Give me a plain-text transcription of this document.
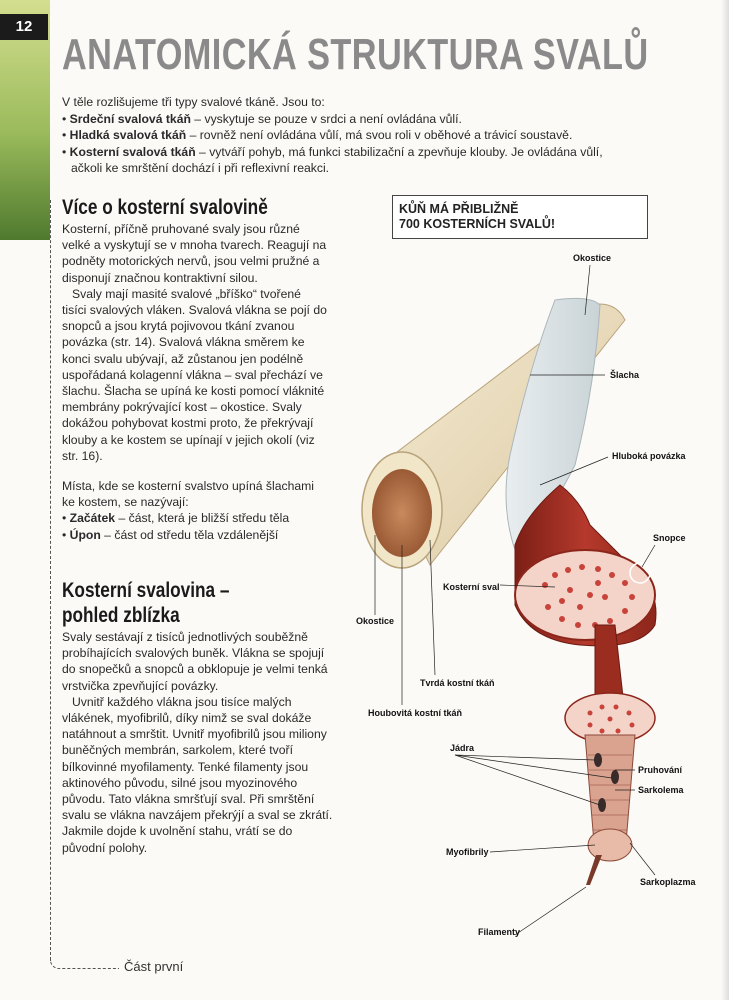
12
ANATOMICKÁ STRUKTURA SVALŮ

V těle rozlišujeme tři typy svalové tkáně. Jsou to:

• Srdeční svalová tkáň – vyskytuje se pouze v srdci a není ovládána vůlí.

• Hladká svalová tkáň – rovněž není ovládána vůlí, má svou roli v oběhové a trávicí soustavě.

• Kosterní svalová tkáň – vytváří pohyb, má funkci stabilizační a zpevňuje klouby. Je ovládána vůlí, ačkoli ke smrštění dochází i při reflexivní reakci.

Více o kosterní svalovině

Kosterní, příčně pruhované svaly jsou různé velké a vyskytují se v mnoha tvarech. Reagují na podněty motorických nervů, jsou velmi pružné a disponují značnou kontraktivní silou.

Svaly mají masité svalové „bříško“ tvořené tisíci svalových vláken. Svalová vlákna se pojí do snopců a jsou krytá pojivovou tkání zvanou povázka (str. 14). Svalová vlákna směrem ke konci svalu ubývají, až zůstanou jen podélně uspořádaná kolagenní vlákna – sval přechází ve šlachu. Šlacha se upíná ke kosti pomocí vláknité membrány pokrývající kost – okostice. Svaly dokážou pohybovat kostmi proto, že překrývají klouby a ke kostem se upínají v jejich okolí (viz str. 16).

Místa, kde se kosterní svalstvo upíná šlachami ke kostem, se nazývají:

• Začátek – část, která je bližší středu těla

• Úpon – část od středu těla vzdálenější

Kosterní svalovina –
pohled zblízka

Svaly sestávají z tisíců jednotlivých souběžně probíhajících svalových buněk. Vlákna se spojují do snopečků a snopců a obklopuje je velmi tenká vrstvička zpevňující povázky.

Uvnitř každého vlákna jsou tisíce malých vlákének, myofibrilů, díky nimž se sval dokáže natáhnout a smrštit. Uvnitř myofibrilů jsou miliony buněčných membrán, sarkolem, které tvoří bílkovinné myofilamenty. Tenké filamenty jsou aktinového původu, silné jsou myozinového původu. Tato vlákna smršťují sval. Při smrštění svalu se vlákna navzájem překrýjí a sval se zkrátí. Jakmile dojde k uvolnění stahu, vrátí se do původní polohy.

KŮŇ MÁ PŘIBLIŽNĚ
700 KOSTERNÍCH SVALŮ!
Okostice
Šlacha
Hluboká povázka
Snopce
Kosterní sval
Okostice
Tvrdá kostní tkáň
Houbovitá kostní tkáň
Jádra
Pruhování
Sarkolema
Myofibrily
Sarkoplazma
Filamenty
Část první
